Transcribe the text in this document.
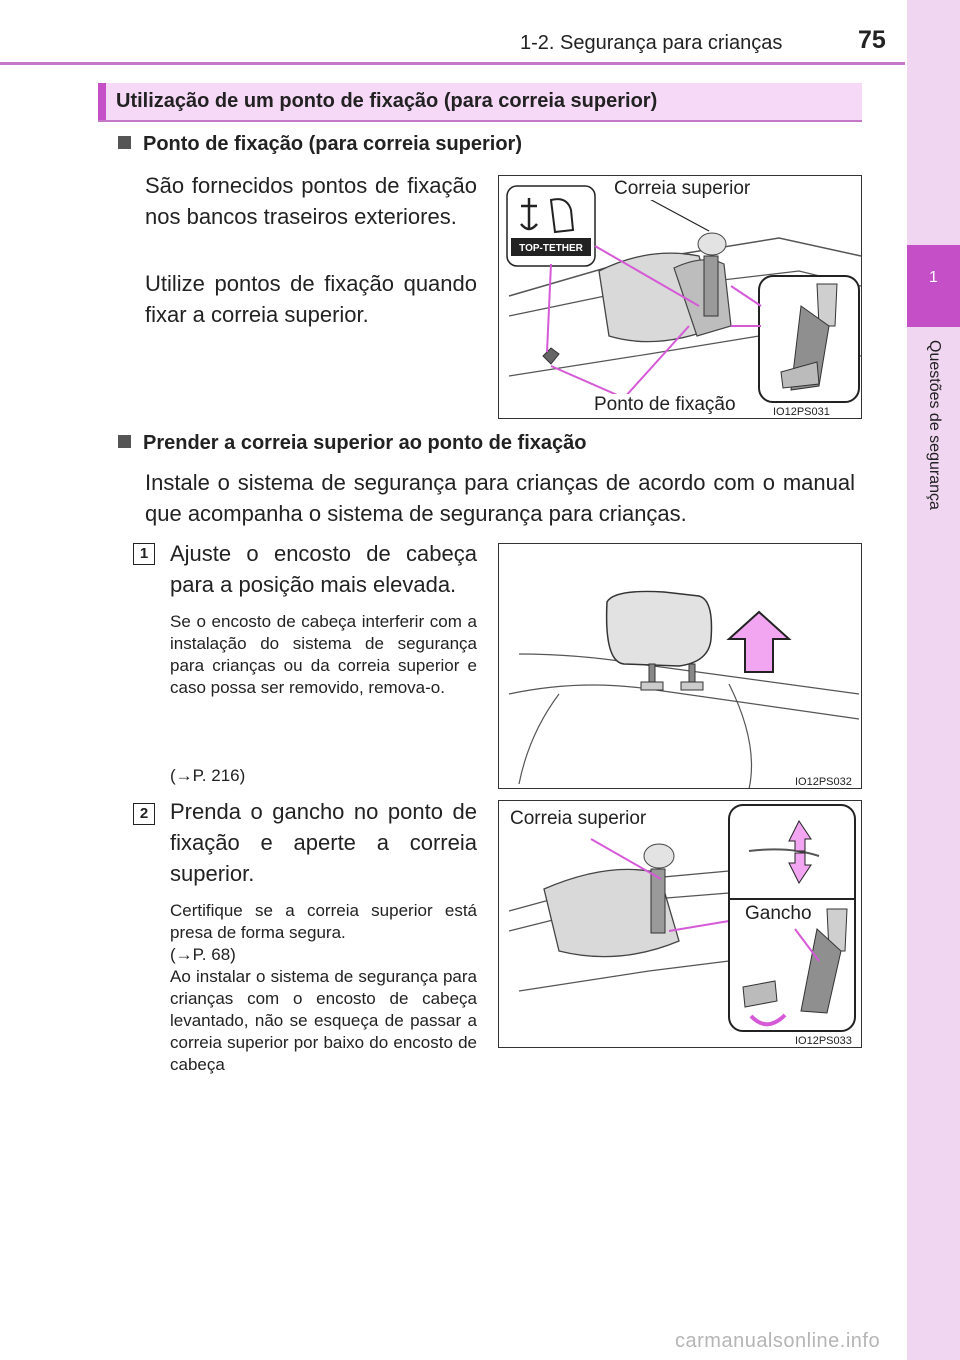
1-2. Segurança para crianças	75
1
Questões de segurança
Utilização de um ponto de fixação (para correia superior)
Ponto de fixação (para correia superior)
São fornecidos pontos de fixação nos bancos traseiros exteriores.
Utilize pontos de fixação quando fixar a correia superior.
TOP-TETHER
Correia superior
Ponto de fixação	IO12PS031
Prender a correia superior ao ponto de fixação
Instale o sistema de segurança para crianças de acordo com o manual que acompanha o sistema de segurança para crianças.
1 Ajuste o encosto de cabeça para a posição mais elevada.
Se o encosto de cabeça interferir com a instalação do sistema de segurança para crianças ou da correia superior e caso possa ser removido, remova-o.
(→P. 216)	IO12PS032
2 Prenda o gancho no ponto de fixação e aperte a correia superior.
Certifique se a correia superior está presa de forma segura.
(→P. 68)
Ao instalar o sistema de segurança para crianças com o encosto de cabeça levantado, não se esqueça de passar a correia superior por baixo do encosto de cabeça
Correia superior
Gancho
IO12PS033
carmanualsonline.info
